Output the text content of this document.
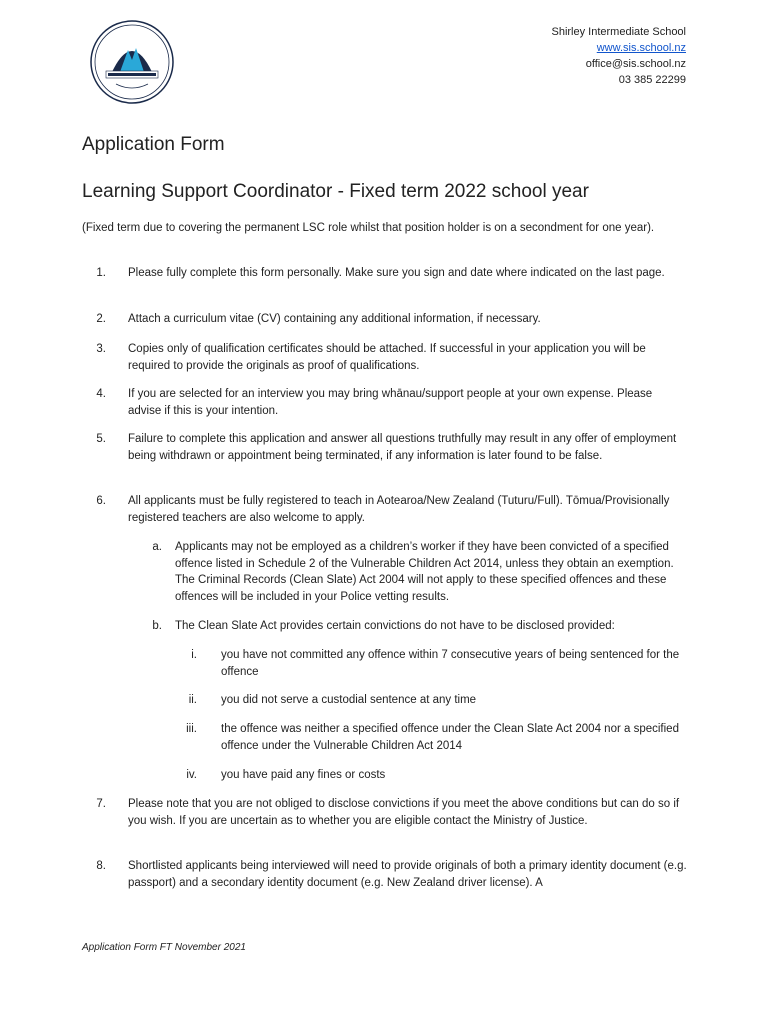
Shirley Intermediate School
www.sis.school.nz
office@sis.school.nz
03 385 22299
Application Form
Learning Support Coordinator - Fixed term 2022 school year

(Fixed term due to covering the permanent LSC role whilst that position holder is on a secondment for one year).

1. Please fully complete this form personally. Make sure you sign and date where indicated on the last page.
2. Attach a curriculum vitae (CV) containing any additional information, if necessary.
3. Copies only of qualification certificates should be attached. If successful in your application you will be required to provide the originals as proof of qualifications.
4. If you are selected for an interview you may bring whānau/support people at your own expense. Please advise if this is your intention.
5. Failure to complete this application and answer all questions truthfully may result in any offer of employment being withdrawn or appointment being terminated, if any information is later found to be false.
6. All applicants must be fully registered to teach in Aotearoa/New Zealand (Tuturu/Full). Tōmua/Provisionally registered teachers are also welcome to apply.
a. Applicants may not be employed as a children’s worker if they have been convicted of a specified offence listed in Schedule 2 of the Vulnerable Children Act 2014, unless they obtain an exemption. The Criminal Records (Clean Slate) Act 2004 will not apply to these specified offences and these offences will be included in your Police vetting results.
b. The Clean Slate Act provides certain convictions do not have to be disclosed provided:
i. you have not committed any offence within 7 consecutive years of being sentenced for the offence
ii. you did not serve a custodial sentence at any time
iii. the offence was neither a specified offence under the Clean Slate Act 2004 nor a specified offence under the Vulnerable Children Act 2014
iv. you have paid any fines or costs
7. Please note that you are not obliged to disclose convictions if you meet the above conditions but can do so if you wish. If you are uncertain as to whether you are eligible contact the Ministry of Justice.
8. Shortlisted applicants being interviewed will need to provide originals of both a primary identity document (e.g. passport) and a secondary identity document (e.g. New Zealand driver license). A
Application Form FT November 2021
